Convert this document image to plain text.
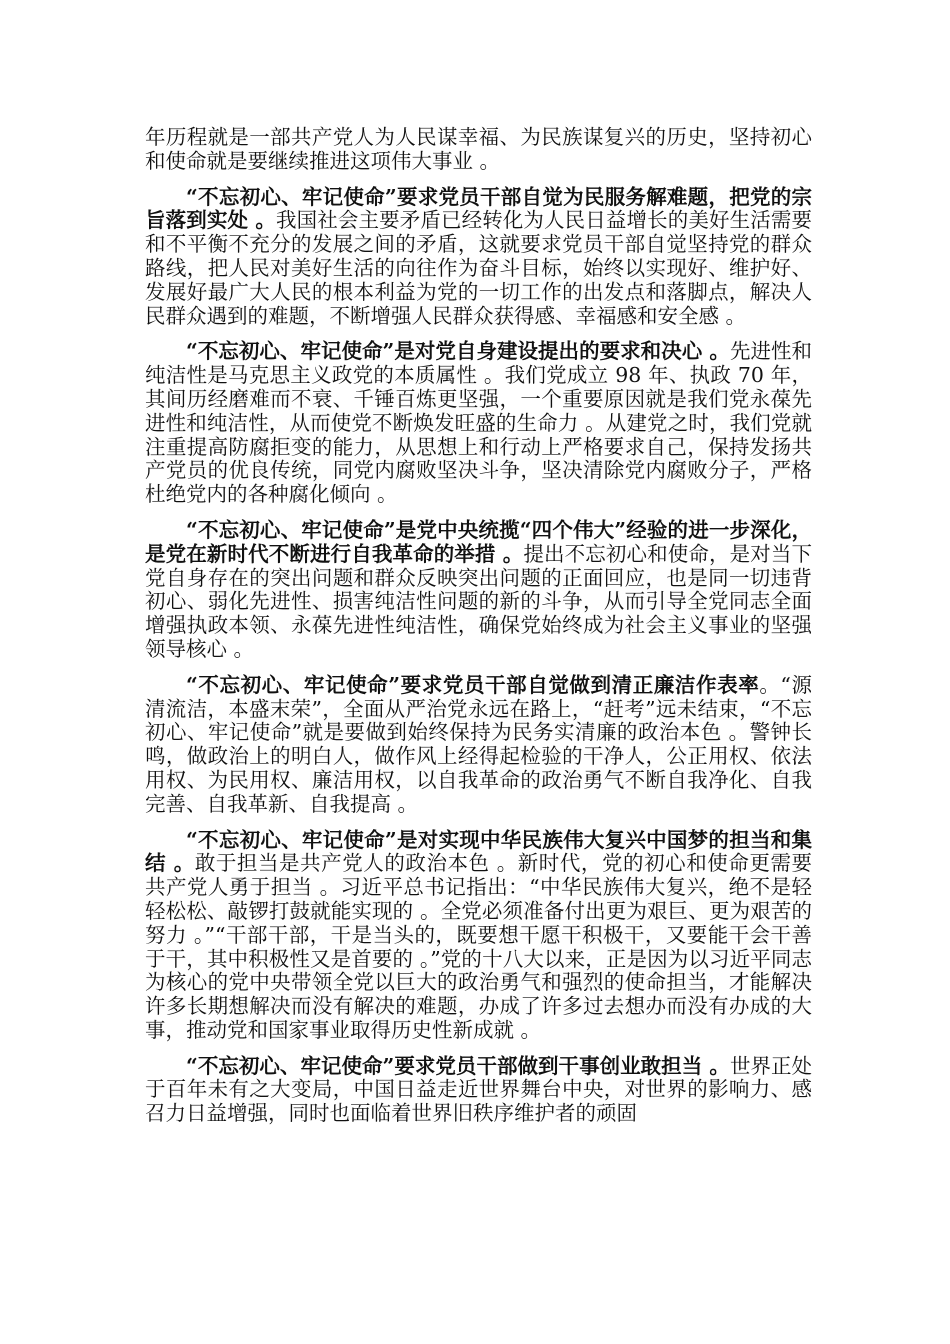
年历程就是一部共产党人为人民谋幸福、为民族谋复兴的历史，坚持初心和使命就是要继续推进这项伟大事业 。

“不忘初心、牢记使命”要求党员干部自觉为民服务解难题，把党的宗旨落到实处 。我国社会主要矛盾已经转化为人民日益增长的美好生活需要和不平衡不充分的发展之间的矛盾，这就要求党员干部自觉坚持党的群众路线，把人民对美好生活的向往作为奋斗目标，始终以实现好、维护好、发展好最广大人民的根本利益为党的一切工作的出发点和落脚点，解决人民群众遇到的难题，不断增强人民群众获得感、幸福感和安全感 。

“不忘初心、牢记使命”是对党自身建设提出的要求和决心 。先进性和纯洁性是马克思主义政党的本质属性 。我们党成立 98 年、执政 70 年，其间历经磨难而不衰、千锤百炼更坚强，一个重要原因就是我们党永葆先进性和纯洁性，从而使党不断焕发旺盛的生命力 。从建党之时，我们党就注重提高防腐拒变的能力，从思想上和行动上严格要求自己，保持发扬共产党员的优良传统，同党内腐败坚决斗争，坚决清除党内腐败分子，严格杜绝党内的各种腐化倾向 。

“不忘初心、牢记使命”是党中央统揽“四个伟大”经验的进一步深化，是党在新时代不断进行自我革命的举措 。提出不忘初心和使命，是对当下党自身存在的突出问题和群众反映突出问题的正面回应，也是同一切违背初心、弱化先进性、损害纯洁性问题的新的斗争，从而引导全党同志全面增强执政本领、永葆先进性纯洁性，确保党始终成为社会主义事业的坚强领导核心 。

“不忘初心、牢记使命”要求党员干部自觉做到清正廉洁作表率。“源清流洁，本盛末荣”，全面从严治党永远在路上，“赶考”远未结束，“不忘初心、牢记使命”就是要做到始终保持为民务实清廉的政治本色 。警钟长鸣，做政治上的明白人，做作风上经得起检验的干净人，公正用权、依法用权、为民用权、廉洁用权，以自我革命的政治勇气不断自我净化、自我完善、自我革新、自我提高 。

“不忘初心、牢记使命”是对实现中华民族伟大复兴中国梦的担当和集结 。敢于担当是共产党人的政治本色 。新时代，党的初心和使命更需要共产党人勇于担当 。习近平总书记指出：“中华民族伟大复兴，绝不是轻轻松松、敲锣打鼓就能实现的 。全党必须准备付出更为艰巨、更为艰苦的努力 。”“干部干部，干是当头的，既要想干愿干积极干，又要能干会干善于干，其中积极性又是首要的 。”党的十八大以来，正是因为以习近平同志为核心的党中央带领全党以巨大的政治勇气和强烈的使命担当，才能解决许多长期想解决而没有解决的难题，办成了许多过去想办而没有办成的大事，推动党和国家事业取得历史性新成就 。

“不忘初心、牢记使命”要求党员干部做到干事创业敢担当 。世界正处于百年未有之大变局，中国日益走近世界舞台中央，对世界的影响力、感召力日益增强，同时也面临着世界旧秩序维护者的顽固
